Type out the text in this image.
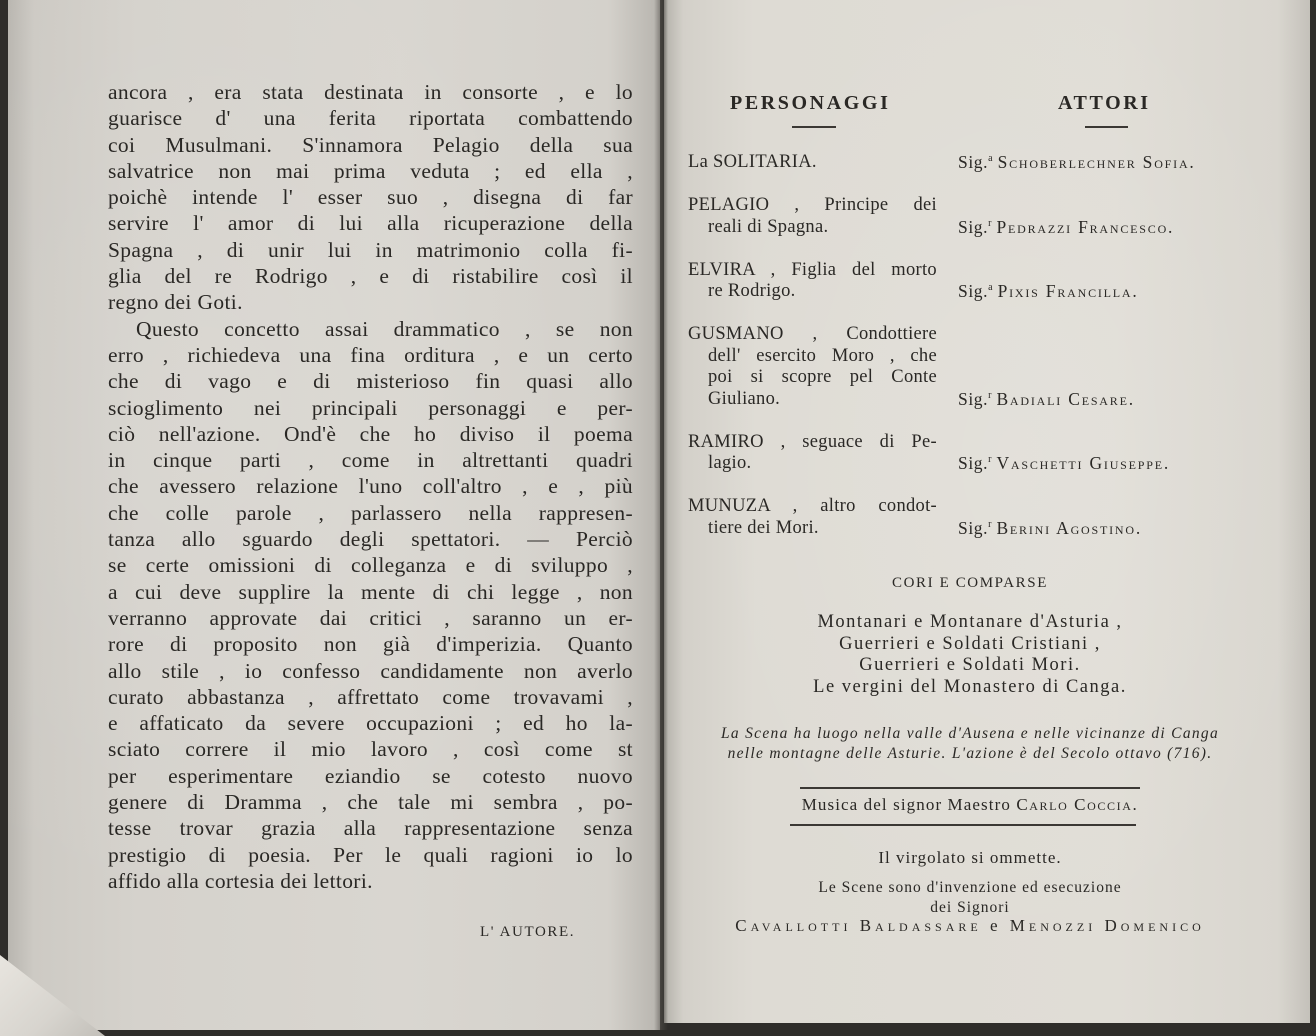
ancora , era stata destinata in consorte , e lo
guarisce d' una ferita riportata combattendo
coi Musulmani. S'innamora Pelagio della sua
salvatrice non mai prima veduta ; ed ella ,
poichè intende l' esser suo , disegna di far
servire l' amor di lui alla ricuperazione della
Spagna , di unir lui in matrimonio colla fi-
glia del re Rodrigo , e di ristabilire così il
regno dei Goti.
Questo concetto assai drammatico , se non
erro , richiedeva una fina orditura , e un certo
che di vago e di misterioso fin quasi allo
scioglimento nei principali personaggi e per-
ciò nell'azione. Ond'è che ho diviso il poema
in cinque parti , come in altrettanti quadri
che avessero relazione l'uno coll'altro , e , più
che colle parole , parlassero nella rappresen-
tanza allo sguardo degli spettatori. — Perciò
se certe omissioni di colleganza e di sviluppo ,
a cui deve supplire la mente di chi legge , non
verranno approvate dai critici , saranno un er-
rore di proposito non già d'imperizia. Quanto
allo stile , io confesso candidamente non averlo
curato abbastanza , affrettato come trovavami ,
e affaticato da severe occupazioni ; ed ho la-
sciato correre il mio lavoro , così come st
per esperimentare eziandio se cotesto nuovo
genere di Dramma , che tale mi sembra , po-
tesse trovar grazia alla rappresentazione senza
prestigio di poesia. Per le quali ragioni io lo
affido alla cortesia dei lettori.
L' AUTORE.
PERSONAGGI	ATTORI
La SOLITARIA.	Sig.$^a$ Schoberlechner Sofia.
PELAGIO , Principe dei
reali di Spagna.	Sig.$^r$ Pedrazzi Francesco.
ELVIRA , Figlia del morto
re Rodrigo.	Sig.$^a$ Pixis Francilla.
GUSMANO , Condottiere
dell' esercito Moro , che
poi si scopre pel Conte
Giuliano.	Sig.$^r$ Badiali Cesare.
RAMIRO , seguace di Pe-
lagio.	Sig.$^r$ Vaschetti Giuseppe.
MUNUZA , altro condot-
tiere dei Mori.	Sig.$^r$ Berini Agostino.
CORI E COMPARSE
Montanari e Montanare d'Asturia ,
Guerrieri e Soldati Cristiani ,
Guerrieri e Soldati Mori.
Le vergini del Monastero di Canga.
La Scena ha luogo nella valle d'Ausena e nelle vicinanze di Canga
nelle montagne delle Asturie. L'azione è del Secolo ottavo (716).
Musica del signor Maestro Carlo Coccia.
Il virgolato si ommette.
Le Scene sono d'invenzione ed esecuzione
dei Signori
Cavallotti Baldassare e Menozzi Domenico
